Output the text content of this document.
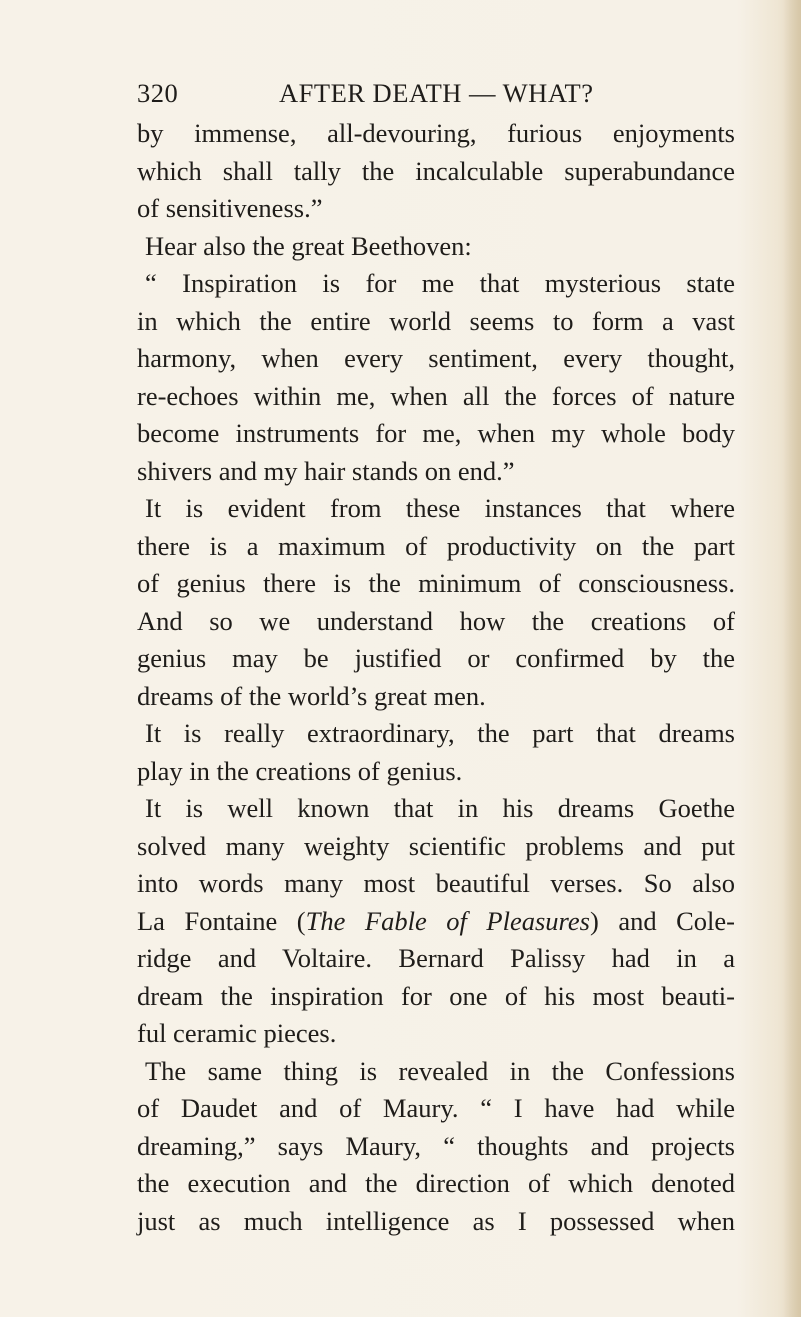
320	AFTER DEATH — WHAT?
by immense, all-devouring, furious enjoyments
which shall tally the incalculable superabundance
of sensitiveness.”
Hear also the great Beethoven:
“ Inspiration is for me that mysterious state
in which the entire world seems to form a vast
harmony, when every sentiment, every thought,
re-echoes within me, when all the forces of nature
become instruments for me, when my whole body
shivers and my hair stands on end.”
It is evident from these instances that where
there is a maximum of productivity on the part
of genius there is the minimum of consciousness.
And so we understand how the creations of
genius may be justified or confirmed by the
dreams of the world’s great men.
It is really extraordinary, the part that dreams
play in the creations of genius.
It is well known that in his dreams Goethe
solved many weighty scientific problems and put
into words many most beautiful verses. So also
La Fontaine (The Fable of Pleasures) and Cole-
ridge and Voltaire. Bernard Palissy had in a
dream the inspiration for one of his most beauti-
ful ceramic pieces.
The same thing is revealed in the Confessions
of Daudet and of Maury. “ I have had while
dreaming,” says Maury, “ thoughts and projects
the execution and the direction of which denoted
just as much intelligence as I possessed when
